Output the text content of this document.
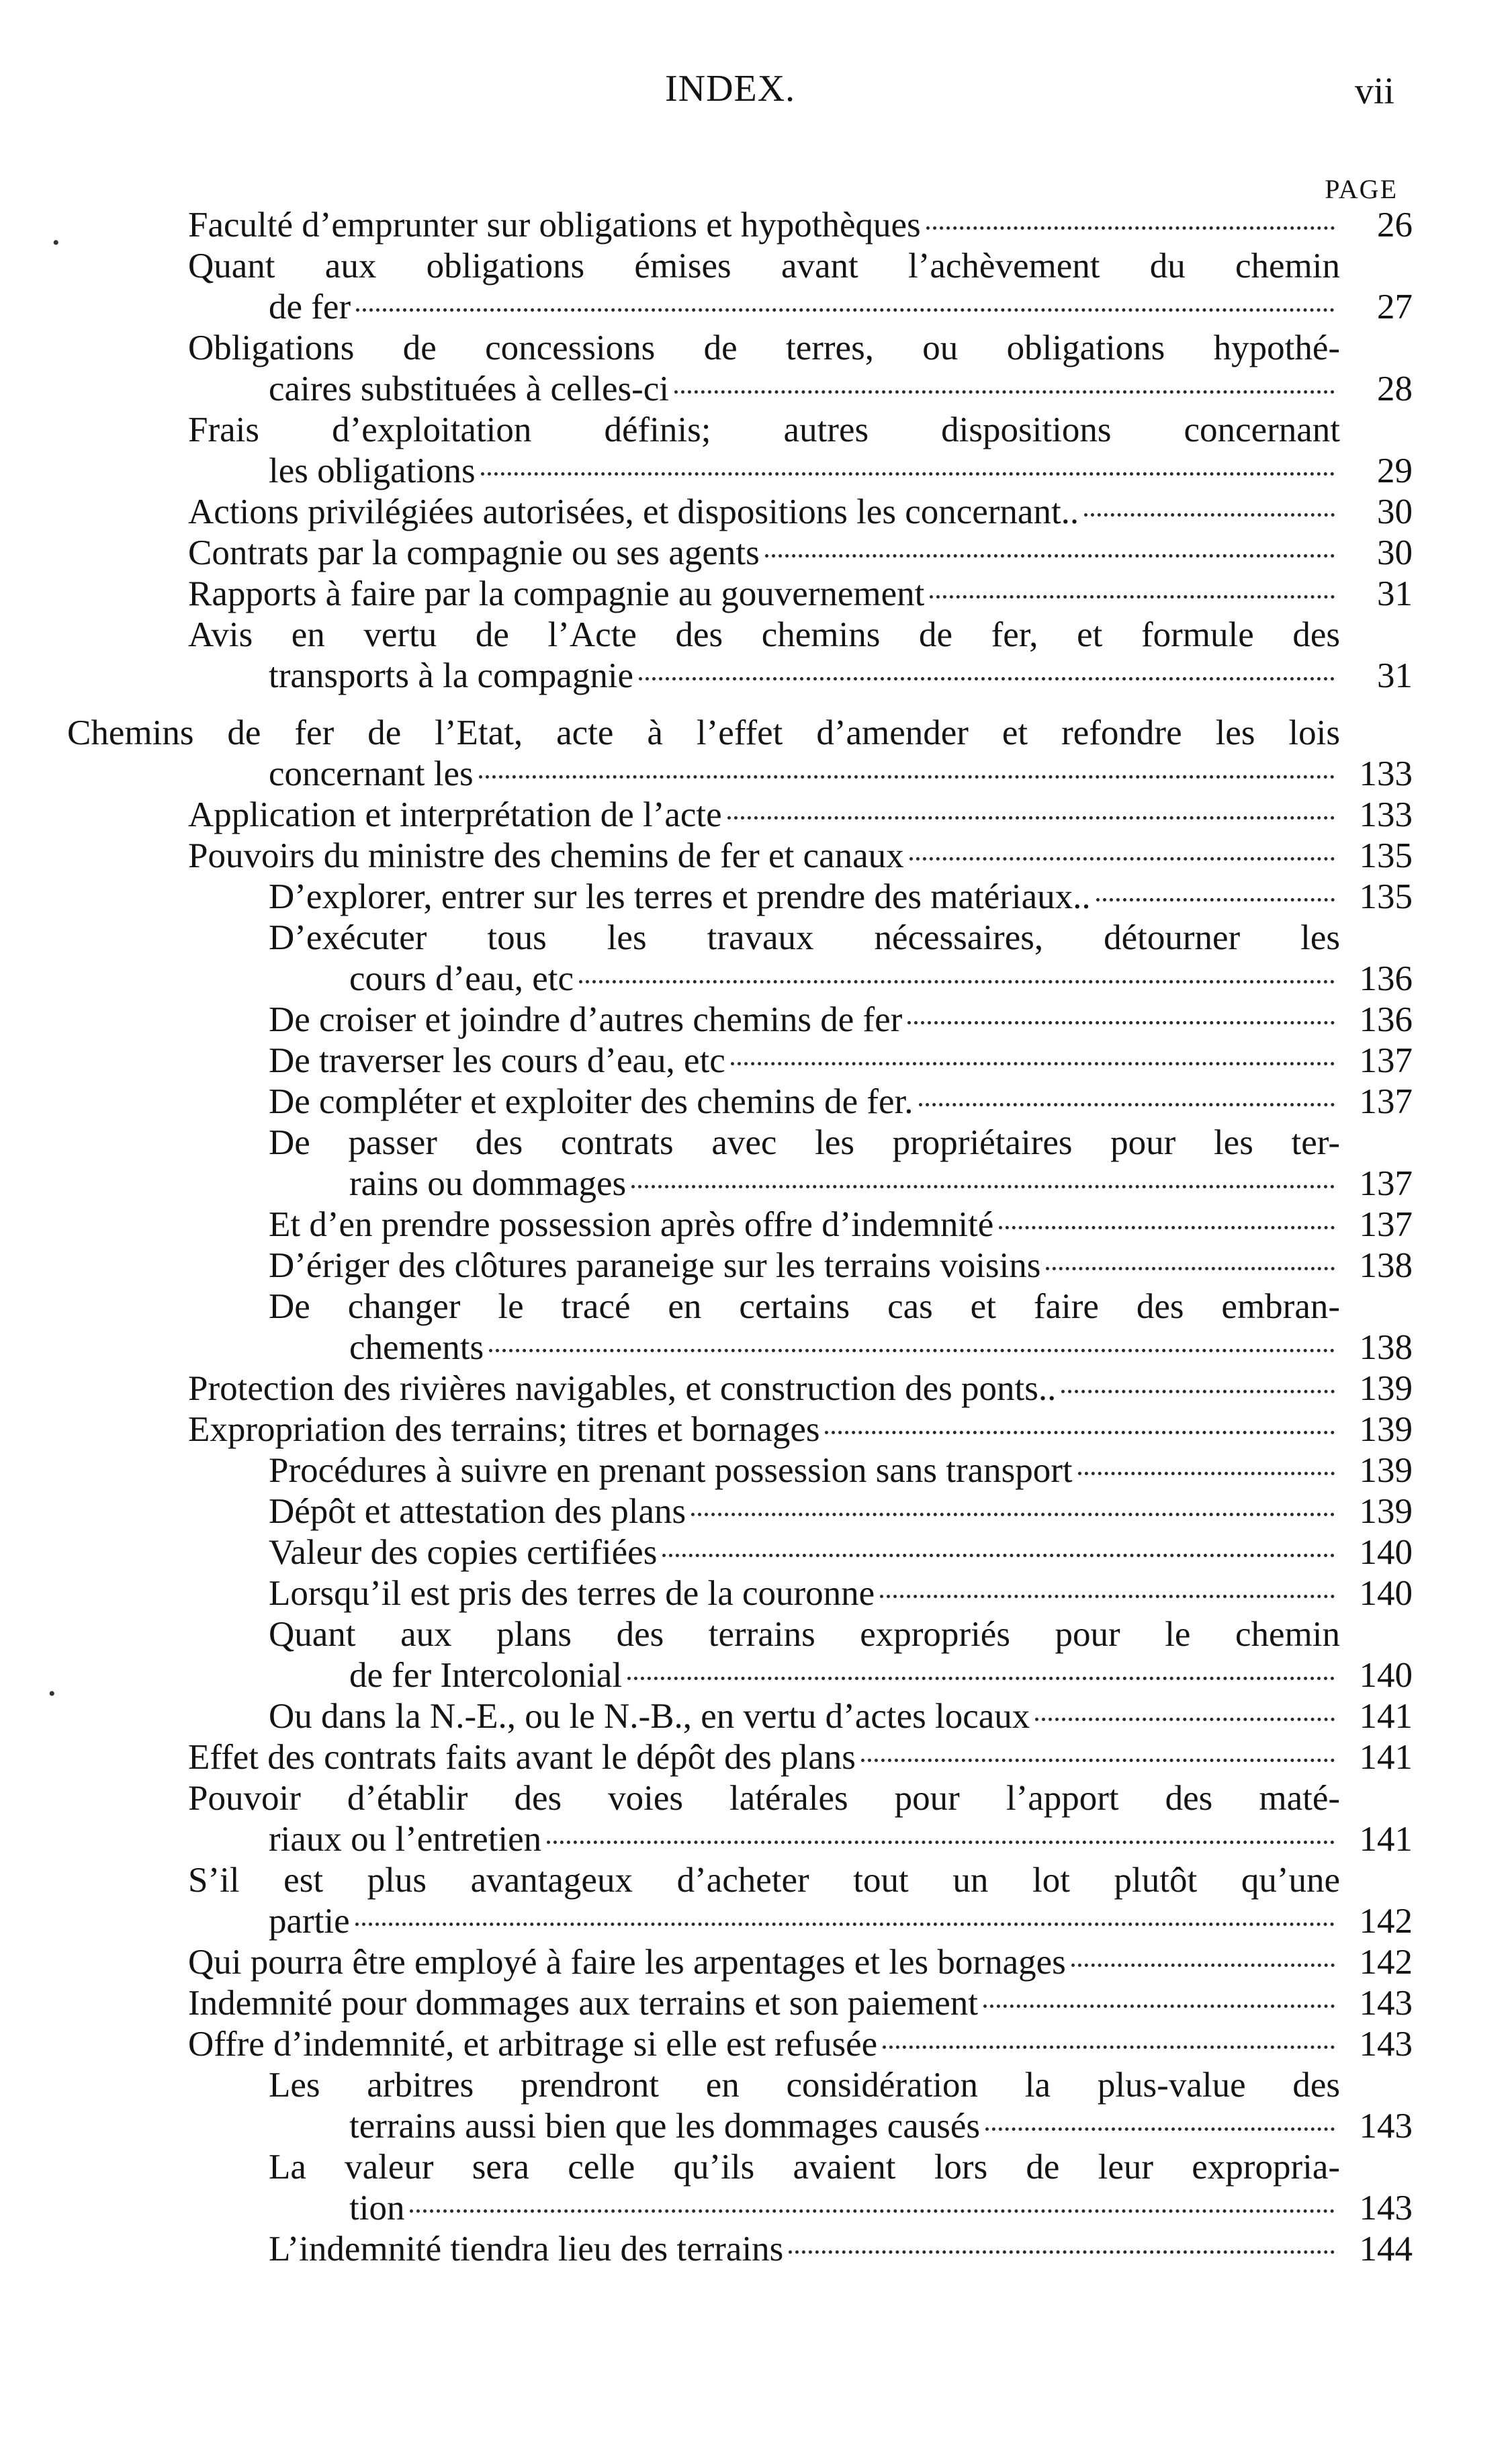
INDEX.	vii
PAGE
•
•
Faculté d’emprunter sur obligations et hypothèques	26
Quant aux obligations émises avant l’achèvement du chemin
de fer	27
Obligations de concessions de terres, ou obligations hypothé-
caires substituées à celles-ci	28
Frais d’exploitation définis; autres dispositions concernant
les obligations	29
Actions privilégiées autorisées, et dispositions les concernant..	30
Contrats par la compagnie ou ses agents	30
Rapports à faire par la compagnie au gouvernement	31
Avis en vertu de l’Acte des chemins de fer, et formule des
transports à la compagnie	31
Chemins de fer de l’Etat, acte à l’effet d’amender et refondre les lois
concernant les	133
Application et interprétation de l’acte	133
Pouvoirs du ministre des chemins de fer et canaux	135
D’explorer, entrer sur les terres et prendre des matériaux..	135
D’exécuter tous les travaux nécessaires, détourner les
cours d’eau, etc	136
De croiser et joindre d’autres chemins de fer	136
De traverser les cours d’eau, etc	137
De compléter et exploiter des chemins de fer.	137
De passer des contrats avec les propriétaires pour les ter-
rains ou dommages	137
Et d’en prendre possession après offre d’indemnité	137
D’ériger des clôtures paraneige sur les terrains voisins	138
De changer le tracé en certains cas et faire des embran-
chements	138
Protection des rivières navigables, et construction des ponts..	139
Expropriation des terrains; titres et bornages	139
Procédures à suivre en prenant possession sans transport	139
Dépôt et attestation des plans	139
Valeur des copies certifiées	140
Lorsqu’il est pris des terres de la couronne	140
Quant aux plans des terrains expropriés pour le chemin
de fer Intercolonial	140
Ou dans la N.-E., ou le N.-B., en vertu d’actes locaux	141
Effet des contrats faits avant le dépôt des plans	141
Pouvoir d’établir des voies latérales pour l’apport des maté-
riaux ou l’entretien	141
S’il est plus avantageux d’acheter tout un lot plutôt qu’une
partie	142
Qui pourra être employé à faire les arpentages et les bornages	142
Indemnité pour dommages aux terrains et son paiement	143
Offre d’indemnité, et arbitrage si elle est refusée	143
Les arbitres prendront en considération la plus-value des
terrains aussi bien que les dommages causés	143
La valeur sera celle qu’ils avaient lors de leur expropria-
tion	143
L’indemnité tiendra lieu des terrains	144
